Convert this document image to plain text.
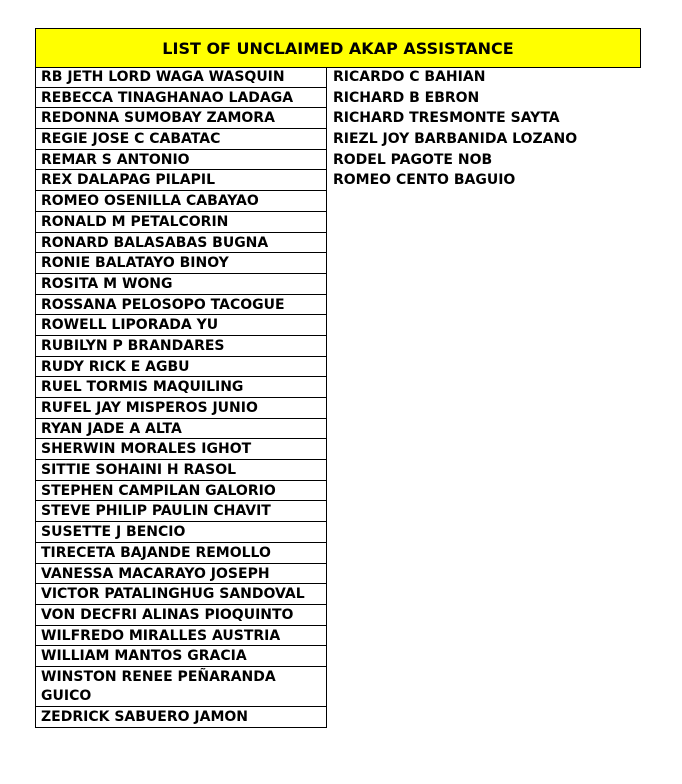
LIST OF UNCLAIMED AKAP ASSISTANCE
RB JETH LORD WAGA WASQUIN
REBECCA TINAGHANAO LADAGA
REDONNA SUMOBAY ZAMORA
REGIE JOSE C CABATAC
REMAR S ANTONIO
REX DALAPAG PILAPIL
ROMEO OSENILLA CABAYAO
RONALD M PETALCORIN
RONARD BALASABAS BUGNA
RONIE BALATAYO BINOY
ROSITA M WONG
ROSSANA PELOSOPO TACOGUE
ROWELL LIPORADA YU
RUBILYN P BRANDARES
RUDY RICK E AGBU
RUEL TORMIS MAQUILING
RUFEL JAY MISPEROS JUNIO
RYAN JADE A ALTA
SHERWIN MORALES IGHOT
SITTIE SOHAINI H RASOL
STEPHEN CAMPILAN GALORIO
STEVE PHILIP PAULIN CHAVIT
SUSETTE J BENCIO
TIRECETA BAJANDE REMOLLO
VANESSA MACARAYO JOSEPH
VICTOR PATALINGHUG SANDOVAL
VON DECFRI ALINAS PIOQUINTO
WILFREDO MIRALLES AUSTRIA
WILLIAM MANTOS GRACIA
WINSTON RENEE PEÑARANDA GUICO
ZEDRICK SABUERO JAMON
RICARDO C BAHIAN
RICHARD B EBRON
RICHARD TRESMONTE SAYTA
RIEZL JOY BARBANIDA LOZANO
RODEL PAGOTE NOB
ROMEO CENTO BAGUIO
